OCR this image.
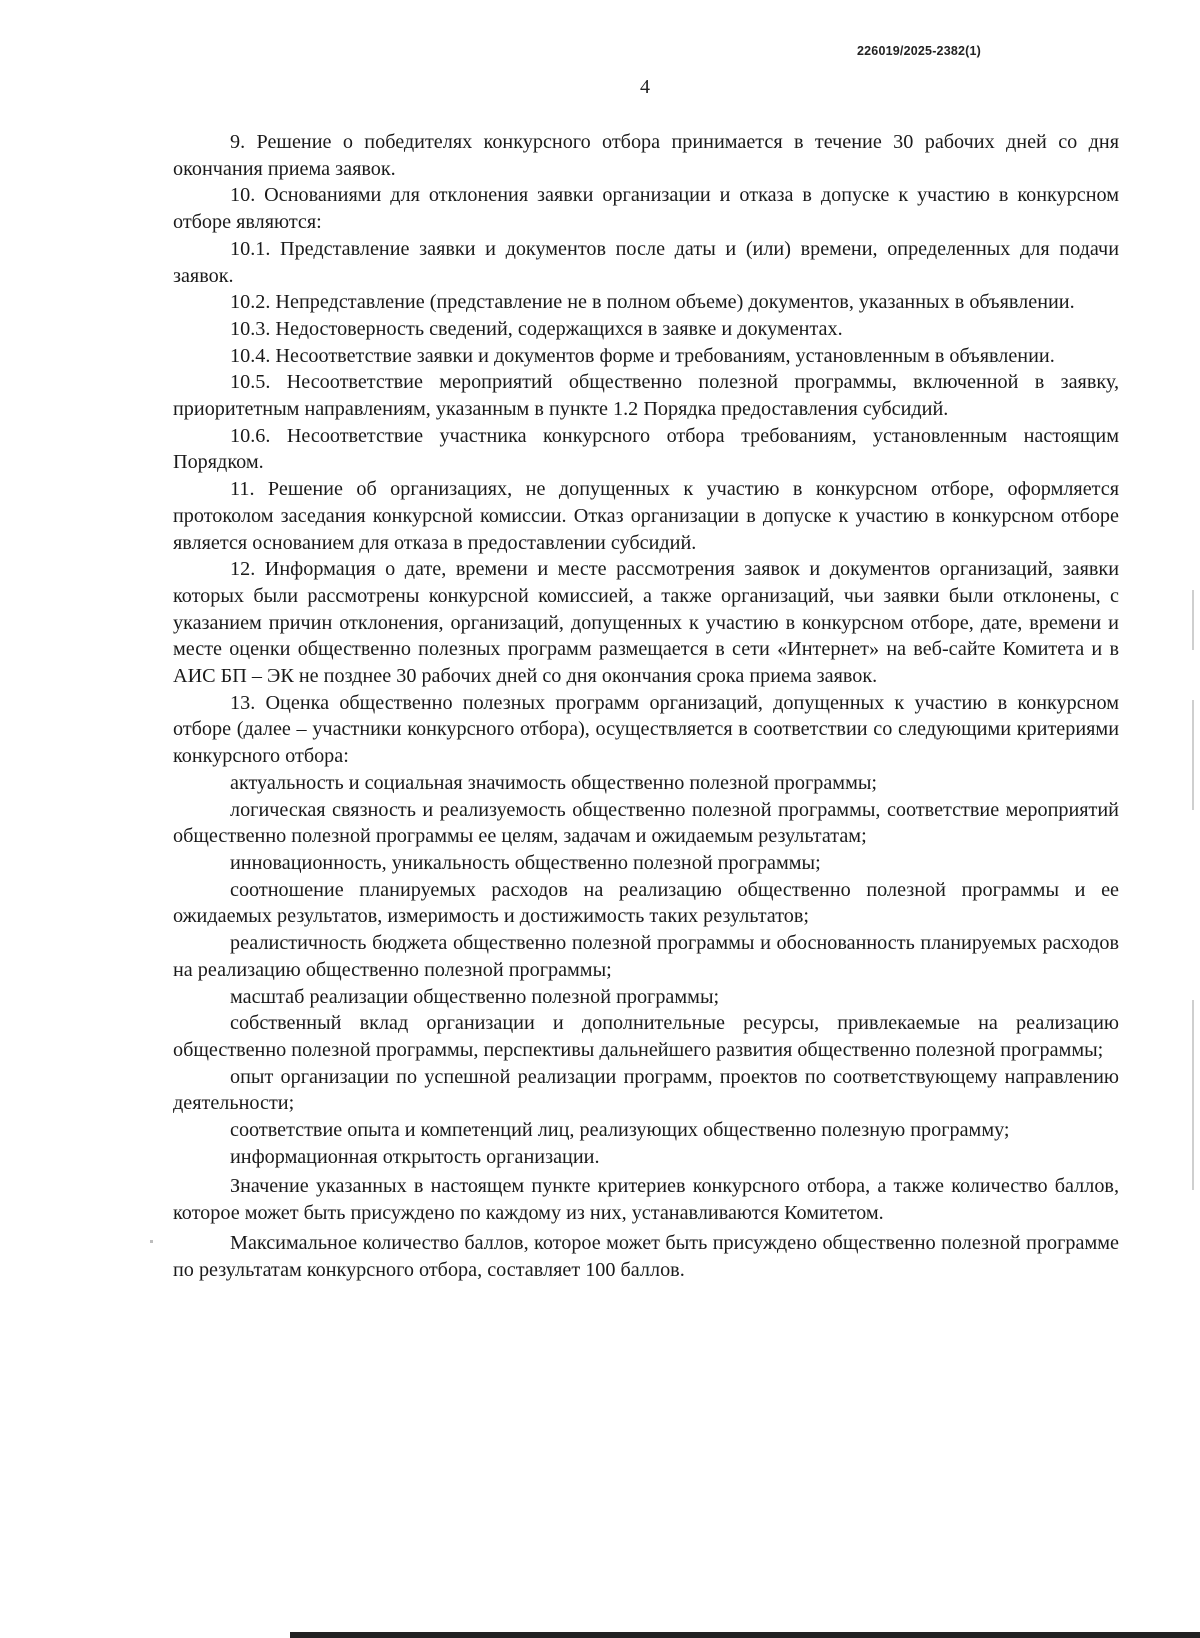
226019/2025-2382(1)
4

9. Решение о победителях конкурсного отбора принимается в течение 30 рабочих дней со дня окончания приема заявок.

10. Основаниями для отклонения заявки организации и отказа в допуске к участию в конкурсном отборе являются:

10.1. Представление заявки и документов после даты и (или) времени, определенных для подачи заявок.

10.2. Непредставление (представление не в полном объеме) документов, указанных в объявлении.

10.3. Недостоверность сведений, содержащихся в заявке и документах.

10.4. Несоответствие заявки и документов форме и требованиям, установленным в объявлении.

10.5. Несоответствие мероприятий общественно полезной программы, включенной в заявку, приоритетным направлениям, указанным в пункте 1.2 Порядка предоставления субсидий.

10.6. Несоответствие участника конкурсного отбора требованиям, установленным настоящим Порядком.

11. Решение об организациях, не допущенных к участию в конкурсном отборе, оформляется протоколом заседания конкурсной комиссии. Отказ организации в допуске к участию в конкурсном отборе является основанием для отказа в предоставлении субсидий.

12. Информация о дате, времени и месте рассмотрения заявок и документов организаций, заявки которых были рассмотрены конкурсной комиссией, а также организаций, чьи заявки были отклонены, с указанием причин отклонения, организаций, допущенных к участию в конкурсном отборе, дате, времени и месте оценки общественно полезных программ размещается в сети «Интернет» на веб-сайте Комитета и в АИС БП – ЭК не позднее 30 рабочих дней со дня окончания срока приема заявок.

13. Оценка общественно полезных программ организаций, допущенных к участию в конкурсном отборе (далее – участники конкурсного отбора), осуществляется в соответствии со следующими критериями конкурсного отбора:

актуальность и социальная значимость общественно полезной программы;

логическая связность и реализуемость общественно полезной программы, соответствие мероприятий общественно полезной программы ее целям, задачам и ожидаемым результатам;

инновационность, уникальность общественно полезной программы;

соотношение планируемых расходов на реализацию общественно полезной программы и ее ожидаемых результатов, измеримость и достижимость таких результатов;

реалистичность бюджета общественно полезной программы и обоснованность планируемых расходов на реализацию общественно полезной программы;

масштаб реализации общественно полезной программы;

собственный вклад организации и дополнительные ресурсы, привлекаемые на реализацию общественно полезной программы, перспективы дальнейшего развития общественно полезной программы;

опыт организации по успешной реализации программ, проектов по соответствующему направлению деятельности;

соответствие опыта и компетенций лиц, реализующих общественно полезную программу;

информационная открытость организации.

Значение указанных в настоящем пункте критериев конкурсного отбора, а также количество баллов, которое может быть присуждено по каждому из них, устанавливаются Комитетом.

Максимальное количество баллов, которое может быть присуждено общественно полезной программе по результатам конкурсного отбора, составляет 100 баллов.
